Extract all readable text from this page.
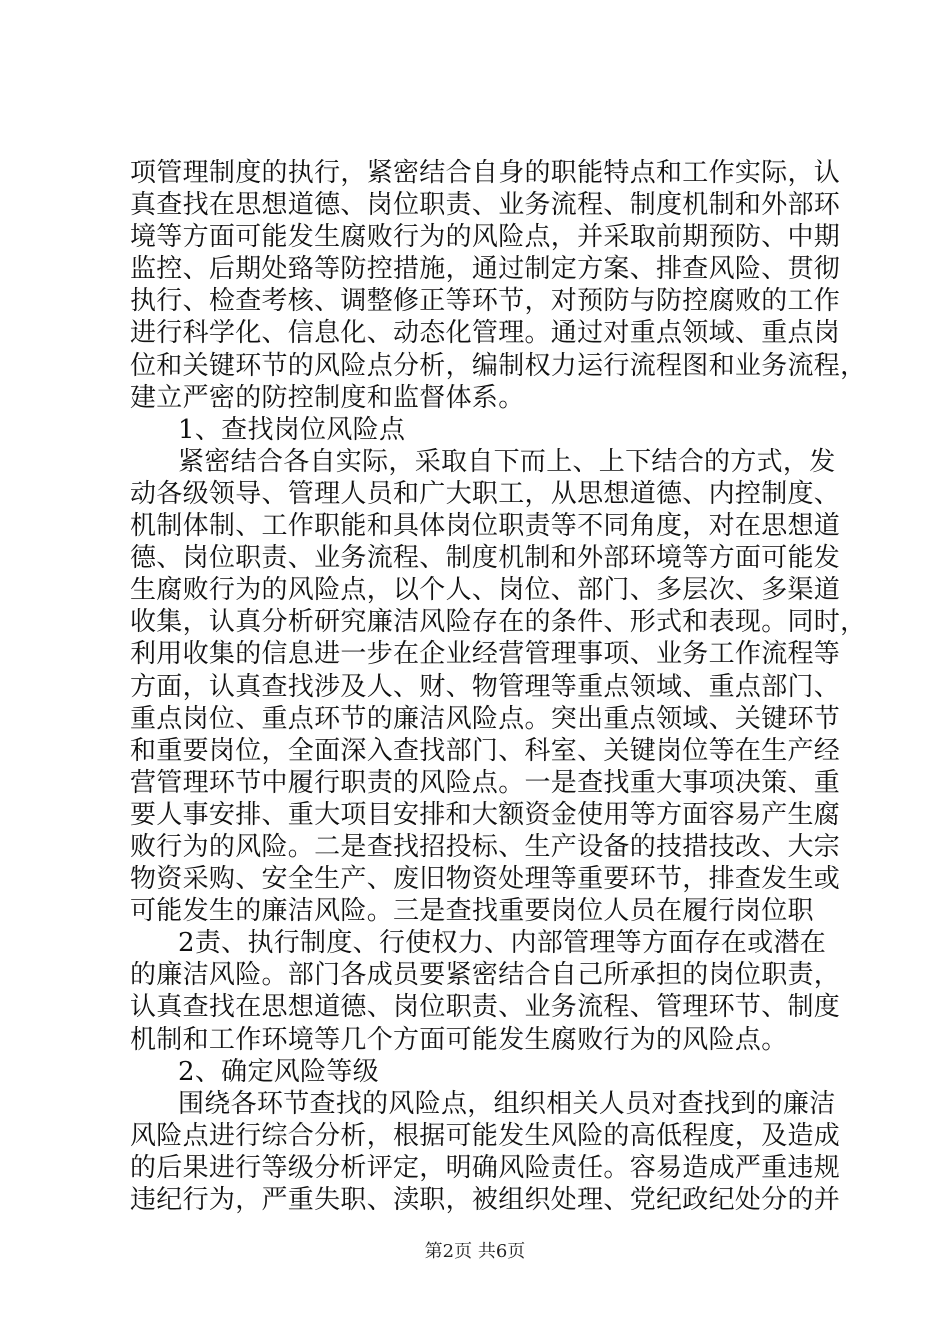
项管理制度的执行，紧密结合自身的职能特点和工作实际，认
真查找在思想道德、岗位职责、业务流程、制度机制和外部环
境等方面可能发生腐败行为的风险点，并采取前期预防、中期
监控、后期处臵等防控措施，通过制定方案、排查风险、贯彻
执行、检查考核、调整修正等环节，对预防与防控腐败的工作
进行科学化、信息化、动态化管理。通过对重点领域、重点岗
位和关键环节的风险点分析，编制权力运行流程图和业务流程，
建立严密的防控制度和监督体系。
1、查找岗位风险点
紧密结合各自实际，采取自下而上、上下结合的方式，发
动各级领导、管理人员和广大职工，从思想道德、内控制度、
机制体制、工作职能和具体岗位职责等不同角度，对在思想道
德、岗位职责、业务流程、制度机制和外部环境等方面可能发
生腐败行为的风险点，以个人、岗位、部门、多层次、多渠道
收集，认真分析研究廉洁风险存在的条件、形式和表现。同时，
利用收集的信息进一步在企业经营管理事项、业务工作流程等
方面，认真查找涉及人、财、物管理等重点领域、重点部门、
重点岗位、重点环节的廉洁风险点。突出重点领域、关键环节
和重要岗位，全面深入查找部门、科室、关键岗位等在生产经
营管理环节中履行职责的风险点。一是查找重大事项决策、重
要人事安排、重大项目安排和大额资金使用等方面容易产生腐
败行为的风险。二是查找招投标、生产设备的技措技改、大宗
物资采购、安全生产、废旧物资处理等重要环节，排查发生或
可能发生的廉洁风险。三是查找重要岗位人员在履行岗位职
2责、执行制度、行使权力、内部管理等方面存在或潜在
的廉洁风险。部门各成员要紧密结合自己所承担的岗位职责，
认真查找在思想道德、岗位职责、业务流程、管理环节、制度
机制和工作环境等几个方面可能发生腐败行为的风险点。
2、确定风险等级
围绕各环节查找的风险点，组织相关人员对查找到的廉洁
风险点进行综合分析，根据可能发生风险的高低程度，及造成
的后果进行等级分析评定，明确风险责任。容易造成严重违规
违纪行为，严重失职、渎职，被组织处理、党纪政纪处分的并
第2页 共6页
